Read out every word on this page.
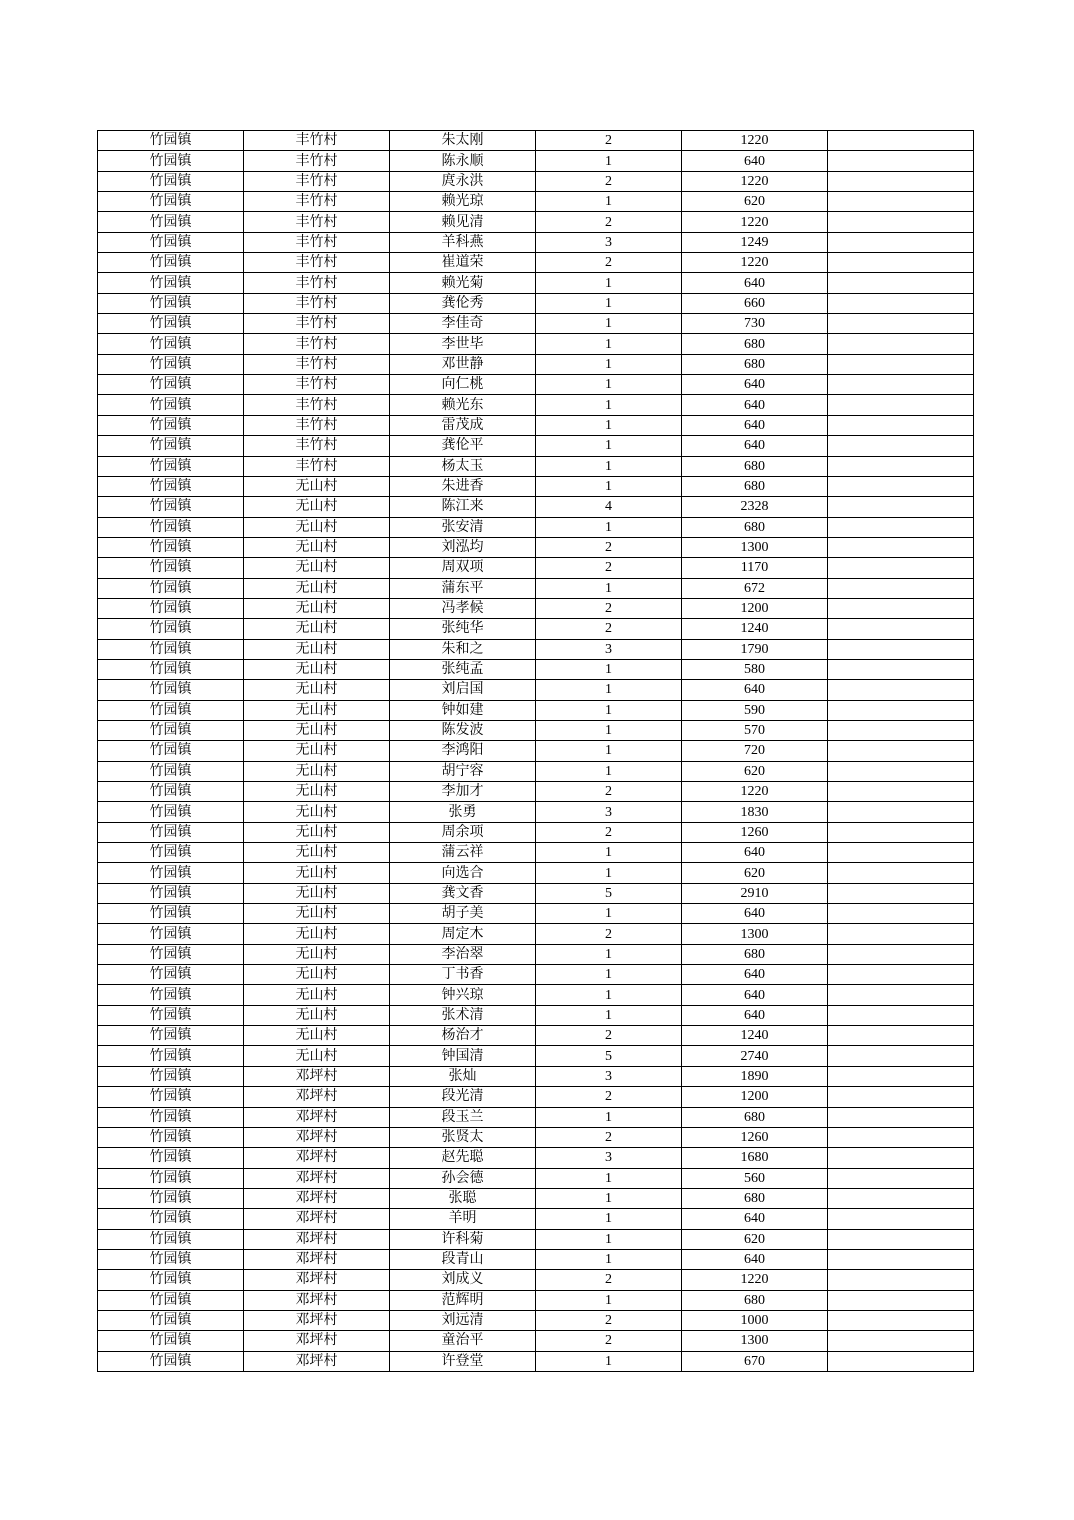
竹园镇	丰竹村	朱太刚	2	1220	
竹园镇	丰竹村	陈永顺	1	640	
竹园镇	丰竹村	庹永洪	2	1220	
竹园镇	丰竹村	赖光琼	1	620	
竹园镇	丰竹村	赖见清	2	1220	
竹园镇	丰竹村	羊科燕	3	1249	
竹园镇	丰竹村	崔道荣	2	1220	
竹园镇	丰竹村	赖光菊	1	640	
竹园镇	丰竹村	龚伦秀	1	660	
竹园镇	丰竹村	李佳奇	1	730	
竹园镇	丰竹村	李世毕	1	680	
竹园镇	丰竹村	邓世静	1	680	
竹园镇	丰竹村	向仁桃	1	640	
竹园镇	丰竹村	赖光东	1	640	
竹园镇	丰竹村	雷茂成	1	640	
竹园镇	丰竹村	龚伦平	1	640	
竹园镇	丰竹村	杨太玉	1	680	
竹园镇	无山村	朱进香	1	680	
竹园镇	无山村	陈江来	4	2328	
竹园镇	无山村	张安清	1	680	
竹园镇	无山村	刘泓均	2	1300	
竹园镇	无山村	周双项	2	1170	
竹园镇	无山村	蒲东平	1	672	
竹园镇	无山村	冯孝候	2	1200	
竹园镇	无山村	张纯华	2	1240	
竹园镇	无山村	朱和之	3	1790	
竹园镇	无山村	张纯孟	1	580	
竹园镇	无山村	刘启国	1	640	
竹园镇	无山村	钟如建	1	590	
竹园镇	无山村	陈发波	1	570	
竹园镇	无山村	李鸿阳	1	720	
竹园镇	无山村	胡宁容	1	620	
竹园镇	无山村	李加才	2	1220	
竹园镇	无山村	张勇	3	1830	
竹园镇	无山村	周余项	2	1260	
竹园镇	无山村	蒲云祥	1	640	
竹园镇	无山村	向选合	1	620	
竹园镇	无山村	龚文香	5	2910	
竹园镇	无山村	胡子美	1	640	
竹园镇	无山村	周定木	2	1300	
竹园镇	无山村	李治翠	1	680	
竹园镇	无山村	丁书香	1	640	
竹园镇	无山村	钟兴琼	1	640	
竹园镇	无山村	张术清	1	640	
竹园镇	无山村	杨治才	2	1240	
竹园镇	无山村	钟国清	5	2740	
竹园镇	邓坪村	张灿	3	1890	
竹园镇	邓坪村	段光清	2	1200	
竹园镇	邓坪村	段玉兰	1	680	
竹园镇	邓坪村	张贤太	2	1260	
竹园镇	邓坪村	赵先聪	3	1680	
竹园镇	邓坪村	孙会德	1	560	
竹园镇	邓坪村	张聪	1	680	
竹园镇	邓坪村	羊明	1	640	
竹园镇	邓坪村	许科菊	1	620	
竹园镇	邓坪村	段青山	1	640	
竹园镇	邓坪村	刘成义	2	1220	
竹园镇	邓坪村	范辉明	1	680	
竹园镇	邓坪村	刘远清	2	1000	
竹园镇	邓坪村	童治平	2	1300	
竹园镇	邓坪村	许登堂	1	670	
